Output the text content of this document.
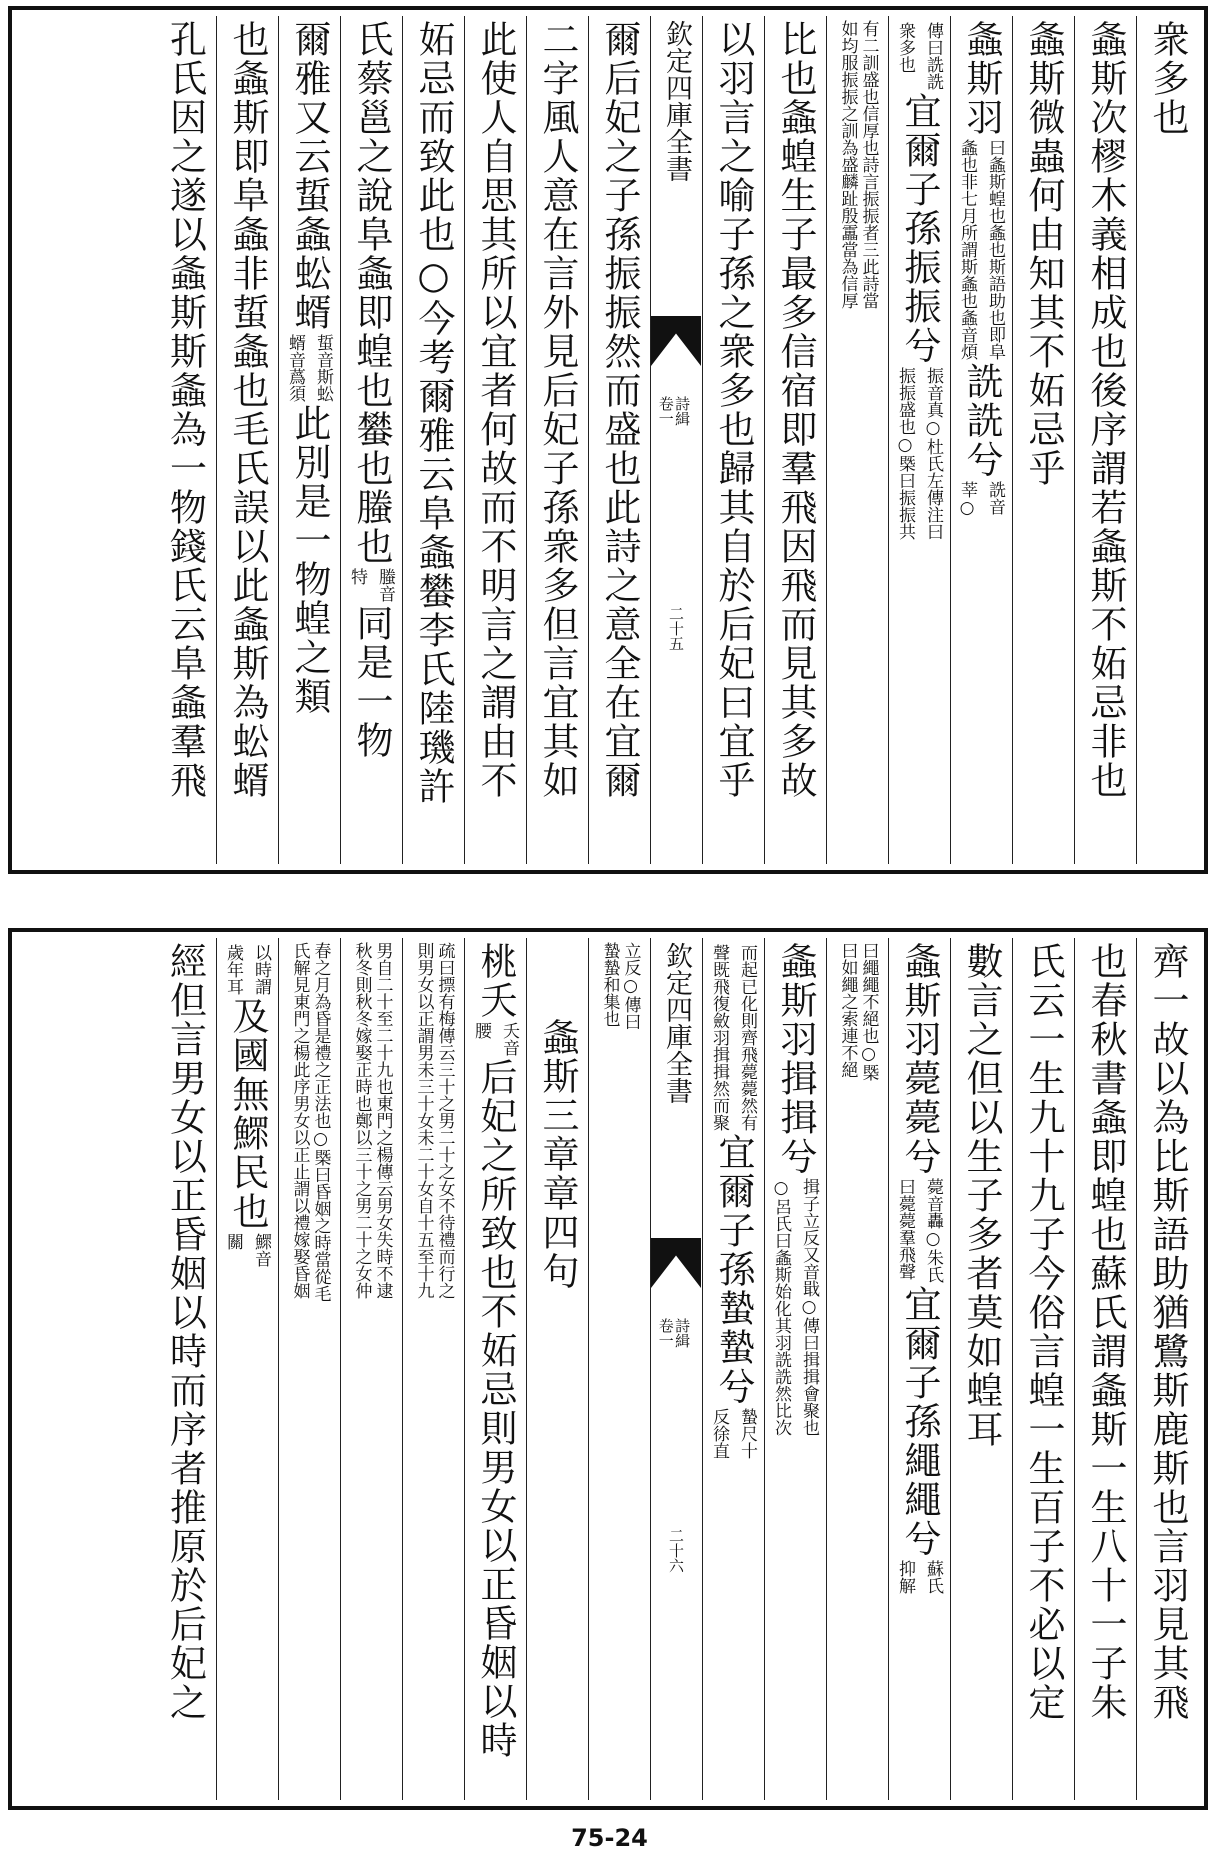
衆多也
螽斯次樛木義相成也後序謂若螽斯不妬忌非也
螽斯微蟲何由知其不妬忌乎
螽斯羽
曰螽斯蝗也螽也斯語助也即阜
螽也非七月所謂斯螽也螽音煩
詵詵兮
詵音
莘○
傳曰詵詵
衆多也
宜爾子孫振振兮
振音真○杜氏左傳注曰
振振盛也○槩曰振振共
有二訓盛也信厚也詩言振振者三此詩當
如均服振振之訓為盛麟趾殷靁當為信厚
比也螽蝗生子最多信宿即羣飛因飛而見其多故
以羽言之喻子孫之衆多也歸其自於后妃曰宜乎
欽定四庫全書
詩緝
卷一
二十五
爾后妃之子孫振振然而盛也此詩之意全在宜爾
二字風人意在言外見后妃子孫衆多但言宜其如
此使人自思其所以宜者何故而不明言之謂由不
妬忌而致此也○今考爾雅云阜螽蠜李氏陸璣許
氏蔡邕之說阜螽即蝗也蠜也螣也
螣音
特
同是一物
爾雅又云蜇螽蚣蝑
蜇音斯蚣
蝑音蔿須
此別是一物蝗之類
也螽斯即阜螽非蜇螽也毛氏誤以此螽斯為蚣蝑
孔氏因之遂以螽斯斯螽為一物錢氏云阜螽羣飛
齊一故以為比斯語助猶鷺斯鹿斯也言羽見其飛
也春秋書螽即蝗也蘇氏謂螽斯一生八十一子朱
氏云一生九十九子今俗言蝗一生百子不必以定
數言之但以生子多者莫如蝗耳
螽斯羽薨薨兮
薨音轟○朱氏
曰薨薨羣飛聲
宜爾子孫繩繩兮
蘇氏
抑解
曰繩繩不絕也○槩
曰如繩之索連不絕
螽斯羽揖揖兮
揖子立反又音戢○傳曰揖揖會聚也
○呂氏曰螽斯始化其羽詵詵然比次
而起已化則齊飛薨薨然有
聲既飛復斂羽揖揖然而聚
宜爾子孫蟄蟄兮
蟄尺十
反徐直
欽定四庫全書
詩緝
卷一
二十六
立反○傳曰
蟄蟄和集也
螽斯三章章四句
桃夭
夭音
腰
后妃之所致也不妬忌則男女以正昏姻以時
疏曰摽有梅傳云三十之男二十之女不待禮而行之
則男女以正謂男未三十女未二十女自十五至十九
男自二十至二十九也東門之楊傳云男女失時不逮
秋冬則秋冬嫁娶正時也鄭以三十之男二十之女仲
春之月為昏是禮之正法也○槩曰昏姻之時當從毛
氏解見東門之楊此序男女以正止謂以禮嫁娶昏姻
以時謂
歲年耳
及國無鰥民也
鰥音
關
經但言男女以正昏姻以時而序者推原於后妃之
75-24
